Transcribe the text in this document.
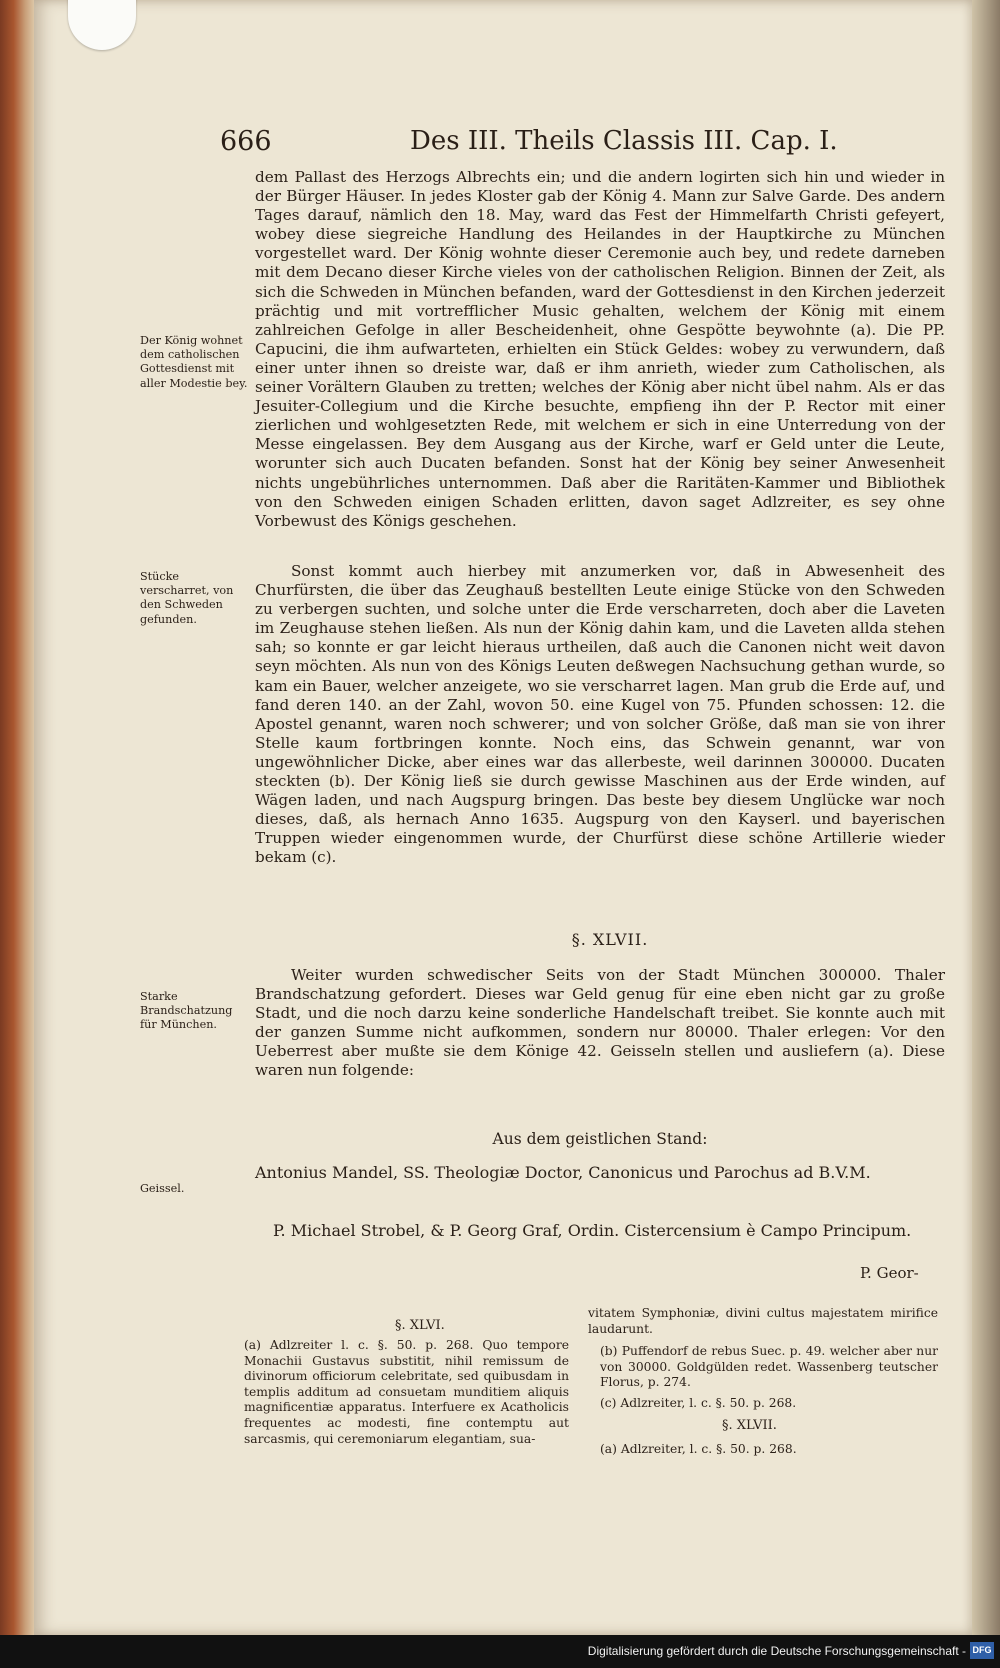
666	Des III. Theils Classis III. Cap. I.

dem Pallast des Herzogs Albrechts ein; und die andern logirten sich hin und wieder in der Bürger Häuser. In jedes Kloster gab der König 4. Mann zur Salve Garde. Des andern Tages darauf, nämlich den 18. May, ward das Fest der Himmelfarth Christi gefeyert, wobey diese siegreiche Handlung des Heilandes in der Hauptkirche zu München vorgestellet ward. Der König wohnte dieser Ceremonie auch bey, und redete darneben mit dem Decano dieser Kirche vieles von der catholischen Religion. Binnen der Zeit, als sich die Schweden in München befanden, ward der Gottesdienst in den Kirchen jederzeit prächtig und mit vortrefflicher Music gehalten, welchem der König mit einem zahlreichen Gefolge in aller Bescheidenheit, ohne Gespötte beywohnte (a). Die PP. Capucini, die ihm aufwarteten, erhielten ein Stück Geldes: wobey zu verwundern, daß einer unter ihnen so dreiste war, daß er ihm anrieth, wieder zum Catholischen, als seiner Vorältern Glauben zu tretten; welches der König aber nicht übel nahm. Als er das Jesuiter-Collegium und die Kirche besuchte, empfieng ihn der P. Rector mit einer zierlichen und wohlgesetzten Rede, mit welchem er sich in eine Unterredung von der Messe eingelassen. Bey dem Ausgang aus der Kirche, warf er Geld unter die Leute, worunter sich auch Ducaten befanden. Sonst hat der König bey seiner Anwesenheit nichts ungebührliches unternommen. Daß aber die Raritäten-Kammer und Bibliothek von den Schweden einigen Schaden erlitten, davon saget Adlzreiter, es sey ohne Vorbewust des Königs geschehen.

Der König wohnet dem catholischen Gottesdienst mit aller Modestie bey.

Sonst kommt auch hierbey mit anzumerken vor, daß in Abwesenheit des Churfürsten, die über das Zeughauß bestellten Leute einige Stücke von den Schweden zu verbergen suchten, und solche unter die Erde verscharreten, doch aber die Laveten im Zeughause stehen ließen. Als nun der König dahin kam, und die Laveten allda stehen sah; so konnte er gar leicht hieraus urtheilen, daß auch die Canonen nicht weit davon seyn möchten. Als nun von des Königs Leuten deßwegen Nachsuchung gethan wurde, so kam ein Bauer, welcher anzeigete, wo sie verscharret lagen. Man grub die Erde auf, und fand deren 140. an der Zahl, wovon 50. eine Kugel von 75. Pfunden schossen: 12. die Apostel genannt, waren noch schwerer; und von solcher Größe, daß man sie von ihrer Stelle kaum fortbringen konnte. Noch eins, das Schwein genannt, war von ungewöhnlicher Dicke, aber eines war das allerbeste, weil darinnen 300000. Ducaten steckten (b). Der König ließ sie durch gewisse Maschinen aus der Erde winden, auf Wägen laden, und nach Augspurg bringen. Das beste bey diesem Unglücke war noch dieses, daß, als hernach Anno 1635. Augspurg von den Kayserl. und bayerischen Truppen wieder eingenommen wurde, der Churfürst diese schöne Artillerie wieder bekam (c).

Stücke verscharret, von den Schweden gefunden.

§. XLVII.

Weiter wurden schwedischer Seits von der Stadt München 300000. Thaler Brandschatzung gefordert. Dieses war Geld genug für eine eben nicht gar zu große Stadt, und die noch darzu keine sonderliche Handelschaft treibet. Sie konnte auch mit der ganzen Summe nicht aufkommen, sondern nur 80000. Thaler erlegen: Vor den Ueberrest aber mußte sie dem Könige 42. Geisseln stellen und ausliefern (a). Diese waren nun folgende:

Starke Brandschatzung für München.

Aus dem geistlichen Stand:

Geissel.

Antonius Mandel, SS. Theologiæ Doctor, Canonicus und Parochus ad B.V.M.

P. Michael Strobel, & P. Georg Graf, Ordin. Cistercensium è Campo Principum.

P. Geor-

§. XLVI.

(a) Adlzreiter l. c. §. 50. p. 268. Quo tempore Monachii Gustavus substitit, nihil remissum de divinorum officiorum celebritate, sed quibusdam in templis additum ad consuetam munditiem aliquis magnificentiæ apparatus. Interfuere ex Acatholicis frequentes ac modesti, fine contemptu aut sarcasmis, qui ceremoniarum elegantiam, sua-

vitatem Symphoniæ, divini cultus majestatem mirifice laudarunt.

(b) Puffendorf de rebus Suec. p. 49. welcher aber nur von 30000. Goldgülden redet. Wassenberg teutscher Florus, p. 274.

(c) Adlzreiter, l. c. §. 50. p. 268.

§. XLVII.

(a) Adlzreiter, l. c. §. 50. p. 268.

Digitalisierung gefördert durch die Deutsche Forschungsgemeinschaft - DFG
